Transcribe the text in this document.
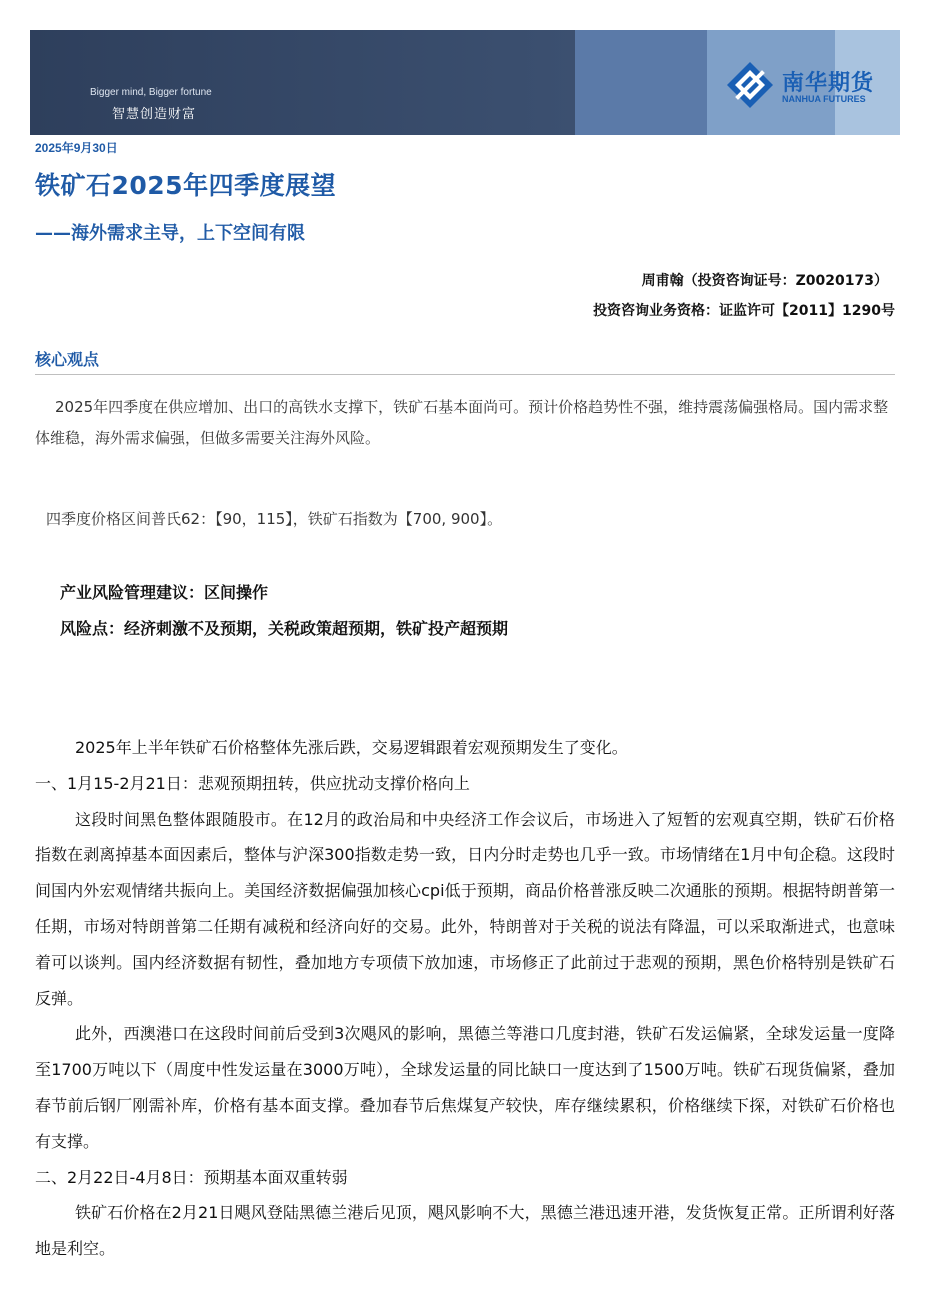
Bigger mind, Bigger fortune
智慧创造财富
南华期货
NANHUA FUTURES
2025年9月30日
铁矿石2025年四季度展望
——海外需求主导，上下空间有限
周甫翰（投资咨询证号：Z0020173）
投资咨询业务资格：证监许可【2011】1290号
核心观点
2025年四季度在供应增加、出口的高铁水支撑下，铁矿石基本面尚可。预计价格趋势性不强，维持震荡偏强格局。国内需求整体维稳，海外需求偏强，但做多需要关注海外风险。
四季度价格区间普氏62：【90，115】，铁矿石指数为【700, 900】。
产业风险管理建议：区间操作
风险点：经济刺激不及预期，关税政策超预期，铁矿投产超预期

2025年上半年铁矿石价格整体先涨后跌，交易逻辑跟着宏观预期发生了变化。

一、1月15-2月21日：悲观预期扭转，供应扰动支撑价格向上

这段时间黑色整体跟随股市。在12月的政治局和中央经济工作会议后，市场进入了短暂的宏观真空期，铁矿石价格指数在剥离掉基本面因素后，整体与沪深300指数走势一致，日内分时走势也几乎一致。市场情绪在1月中旬企稳。这段时间国内外宏观情绪共振向上。美国经济数据偏强加核心cpi低于预期，商品价格普涨反映二次通胀的预期。根据特朗普第一任期，市场对特朗普第二任期有减税和经济向好的交易。此外，特朗普对于关税的说法有降温，可以采取渐进式，也意味着可以谈判。国内经济数据有韧性，叠加地方专项债下放加速，市场修正了此前过于悲观的预期，黑色价格特别是铁矿石反弹。

此外，西澳港口在这段时间前后受到3次飓风的影响，黑德兰等港口几度封港，铁矿石发运偏紧，全球发运量一度降至1700万吨以下（周度中性发运量在3000万吨），全球发运量的同比缺口一度达到了1500万吨。铁矿石现货偏紧，叠加春节前后钢厂刚需补库，价格有基本面支撑。叠加春节后焦煤复产较快，库存继续累积，价格继续下探，对铁矿石价格也有支撑。

二、2月22日-4月8日：预期基本面双重转弱

铁矿石价格在2月21日飓风登陆黑德兰港后见顶，飓风影响不大，黑德兰港迅速开港，发货恢复正常。正所谓利好落地是利空。
